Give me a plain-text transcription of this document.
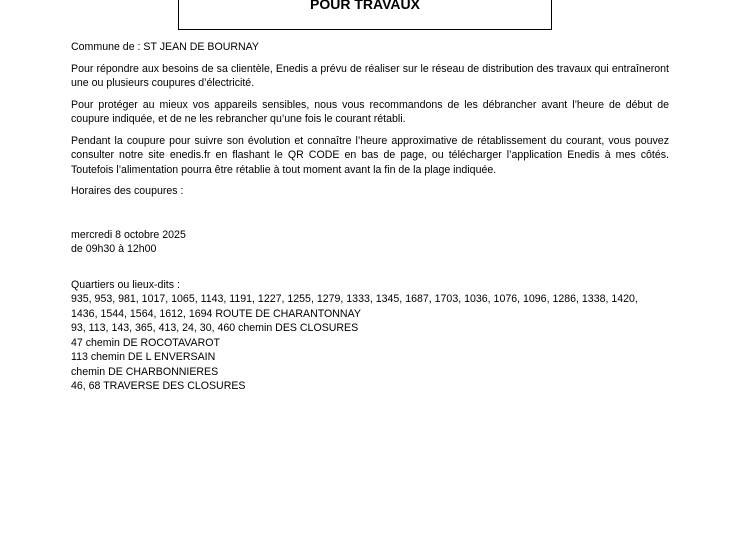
POUR TRAVAUX

Commune de : ST JEAN DE BOURNAY

Pour répondre aux besoins de sa clientèle, Enedis a prévu de réaliser sur le réseau de distribution des travaux qui entraîneront une ou plusieurs coupures d’électricité.

Pour protéger au mieux vos appareils sensibles, nous vous recommandons de les débrancher avant l’heure de début de coupure indiquée, et de ne les rebrancher qu’une fois le courant rétabli.

Pendant la coupure pour suivre son évolution et connaître l’heure approximative de rétablissement du courant, vous pouvez consulter notre site enedis.fr en flashant le QR CODE en bas de page, ou télécharger l’application Enedis à mes côtés. Toutefois l’alimentation pourra être rétablie à tout moment avant la fin de la plage indiquée.

Horaires des coupures :

mercredi 8 octobre 2025
de 09h30 à 12h00
Quartiers ou lieux-dits :
935, 953, 981, 1017, 1065, 1143, 1191, 1227, 1255, 1279, 1333, 1345, 1687, 1703, 1036, 1076, 1096, 1286, 1338, 1420,
1436, 1544, 1564, 1612, 1694 ROUTE DE CHARANTONNAY
93, 113, 143, 365, 413, 24, 30, 460 chemin DES CLOSURES
47 chemin DE ROCOTAVAROT
113 chemin DE L ENVERSAIN
chemin DE CHARBONNIERES
46, 68 TRAVERSE DES CLOSURES
